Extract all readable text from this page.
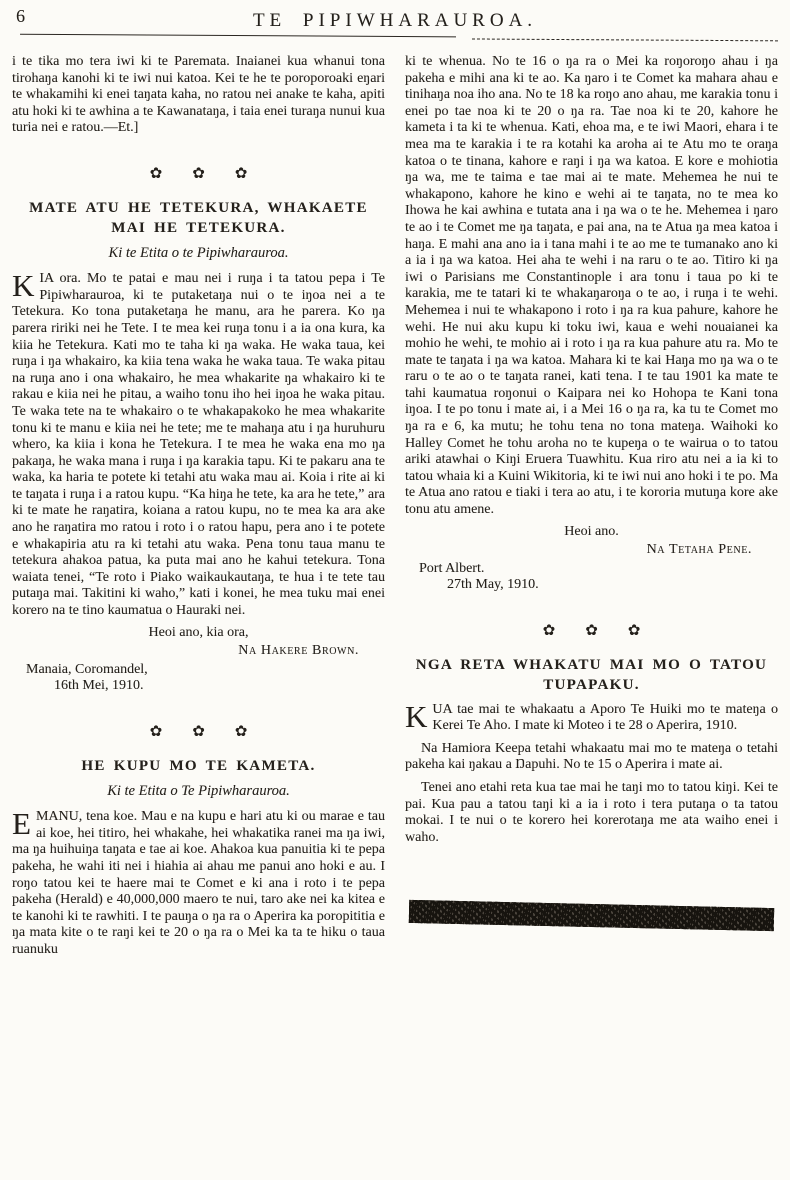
6	TE PIPIWHARAUROA.

i te tika mo tera iwi ki te Paremata. Inaianei kua whanui tona tirohaŋa kanohi ki te iwi nui katoa. Kei te he te poroporoaki eŋari te whakamihi ki enei taŋata kaha, no ratou nei anake te kaha, apiti atu hoki ki te awhina a te Kawanataŋa, i taia enei turaŋa nunui kua turia nei e ratou.—Et.]

✿ ✿ ✿
MATE ATU HE TETEKURA, WHAKAETE MAI HE TETEKURA.
Ki te Etita o te Pipiwharauroa.

KIA ora. Mo te patai e mau nei i ruŋa i ta tatou pepa i Te Pipiwharauroa, ki te putaketaŋa nui o te iŋoa nei a te Tetekura. Ko tona putaketaŋa he manu, ara he parera. Ko ŋa parera ririki nei he Tete. I te mea kei ruŋa tonu i a ia ona kura, ka kiia he Tetekura. Kati mo te taha ki ŋa waka. He waka taua, kei ruŋa i ŋa whakairo, ka kiia tena waka he waka taua. Te waka pitau na ruŋa ano i ona whakairo, he mea whakarite ŋa whakairo ki te rakau e kiia nei he pitau, a waiho tonu iho hei iŋoa he waka pitau. Te waka tete na te whakairo o te whakapakoko he mea whakarite tonu ki te manu e kiia nei he tete; me te mahaŋa atu i ŋa huruhuru whero, ka kiia i kona he Tetekura. I te mea he waka ena mo ŋa pakaŋa, he waka mana i ruŋa i ŋa karakia tapu. Ki te pakaru ana te waka, ka haria te potete ki tetahi atu waka mau ai. Koia i rite ai ki te taŋata i ruŋa i a ratou kupu. “Ka hiŋa he tete, ka ara he tete,” ara ki te mate he raŋatira, koiana a ratou kupu, no te mea ka ara ake ano he raŋatira mo ratou i roto i o ratou hapu, pera ano i te potete e whakapiria atu ra ki tetahi atu waka. Pena tonu taua manu te tetekura ahakoa patua, ka puta mai ano he kahui tetekura. Tona waiata tenei, “Te roto i Piako waikaukautaŋa, te hua i te tete tau putaŋa mai. Takitini ki waho,” kati i konei, he mea tuku mai enei korero na te tino kaumatua o Hauraki nei.

Heoi ano, kia ora,

Na Hakere Brown.

Manaia, Coromandel,

16th Mei, 1910.

✿ ✿ ✿
HE KUPU MO TE KAMETA.
Ki te Etita o Te Pipiwharauroa.

EMANU, tena koe. Mau e na kupu e hari atu ki ou marae e tau ai koe, hei titiro, hei whakahe, hei whakatika ranei ma ŋa iwi, ma ŋa huihuiŋa taŋata e tae ai koe. Ahakoa kua panuitia ki te pepa pakeha, he wahi iti nei i hiahia ai ahau me panui ano hoki e au. I roŋo tatou kei te haere mai te Comet e ki ana i roto i te pepa pakeha (Herald) e 40,000,000 maero te nui, taro ake nei ka kitea e te kanohi ki te rawhiti. I te pauŋa o ŋa ra o Aperira ka poropititia e ŋa mata kite o te raŋi kei te 20 o ŋa ra o Mei ka ta te hiku o taua ruanuku

ki te whenua. No te 16 o ŋa ra o Mei ka roŋoroŋo ahau i ŋa pakeha e mihi ana ki te ao. Ka ŋaro i te Comet ka mahara ahau e tinihaŋa noa iho ana. No te 18 ka roŋo ano ahau, me karakia tonu i enei po tae noa ki te 20 o ŋa ra. Tae noa ki te 20, kahore he kameta i ta ki te whenua. Kati, ehoa ma, e te iwi Maori, ehara i te mea ma te karakia i te ra kotahi ka aroha ai te Atu mo te oraŋa katoa o te tinana, kahore e raŋi i ŋa wa katoa. E kore e mohiotia ŋa wa, me te taima e tae mai ai te mate. Mehemea he nui te whakapono, kahore he kino e wehi ai te taŋata, no te mea ko Ihowa he kai awhina e tutata ana i ŋa wa o te he. Mehemea i ŋaro te ao i te Comet me ŋa taŋata, e pai ana, na te Atua ŋa mea katoa i haŋa. E mahi ana ano ia i tana mahi i te ao me te tumanako ano ki a ia i ŋa wa katoa. Hei aha te wehi i na raru o te ao. Titiro ki ŋa iwi o Parisians me Constantinople i ara tonu i taua po ki te karakia, me te tatari ki te whakaŋaroŋa o te ao, i ruŋa i te wehi. Mehemea i nui te whakapono i roto i ŋa ra kua pahure, kahore he wehi. He nui aku kupu ki toku iwi, kaua e wehi nouaianei ka mohio he wehi, te mohio ai i roto i ŋa ra kua pahure atu ra. Mo te mate te taŋata i ŋa wa katoa. Mahara ki te kai Haŋa mo ŋa wa o te raru o te ao o te taŋata ranei, kati tena. I te tau 1901 ka mate te tahi kaumatua roŋonui o Kaipara nei ko Hohopa te Kani tona iŋoa. I te po tonu i mate ai, i a Mei 16 o ŋa ra, ka tu te Comet mo ŋa ra e 6, ka mutu; he tohu tena no tona mateŋa. Waihoki ko Halley Comet he tohu aroha no te kupeŋa o te wairua o to tatou ariki atawhai o Kiŋi Eruera Tuawhitu. Kua riro atu nei a ia ki to tatou whaia ki a Kuini Wikitoria, ki te iwi nui ano hoki i te po. Ma te Atua ano ratou e tiaki i tera ao atu, i te kororia mutuŋa kore ake tonu atu amene.

Heoi ano.

Na Tetaha Pene.

Port Albert.

27th May, 1910.

✿ ✿ ✿
NGA RETA WHAKATU MAI MO O TATOU TUPAPAKU.

KUA tae mai te whakaatu a Aporo Te Huiki mo te mateŋa o Kerei Te Aho. I mate ki Moteo i te 28 o Aperira, 1910.

Na Hamiora Keepa tetahi whakaatu mai mo te mateŋa o tetahi pakeha kai ŋakau a Ŋapuhi. No te 15 o Aperira i mate ai.

Tenei ano etahi reta kua tae mai he taŋi mo to tatou kiŋi. Kei te pai. Kua pau a tatou taŋi ki a ia i roto i tera putaŋa o ta tatou mokai. I te nui o te korero hei korerotaŋa me ata waiho enei i waho.
